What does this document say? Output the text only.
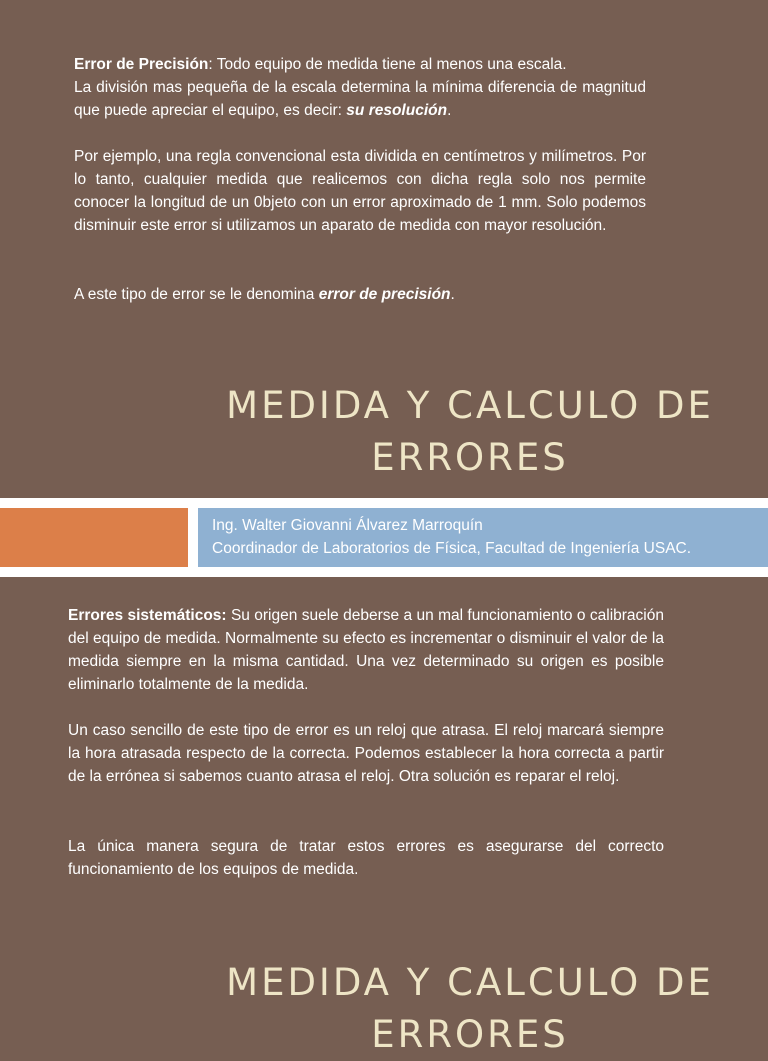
Error de Precisión: Todo equipo de medida tiene al menos una escala.
La división mas pequeña de la escala determina la mínima diferencia de magnitud que puede apreciar el equipo, es decir: su resolución.

Por ejemplo, una regla convencional esta dividida en centímetros y milímetros. Por lo tanto, cualquier medida que realicemos con dicha regla solo nos permite conocer la longitud de un 0bjeto con un error aproximado de 1 mm. Solo podemos disminuir este error si utilizamos un aparato de medida con mayor resolución.

A este tipo de error se le denomina error de precisión.

MEDIDA Y CALCULO DE
ERRORES
Ing. Walter Giovanni Álvarez Marroquín
Coordinador de Laboratorios de Física, Facultad de Ingeniería USAC.

Errores sistemáticos: Su origen suele deberse a un mal funcionamiento o calibración del equipo de medida. Normalmente su efecto es incrementar o disminuir el valor de la medida siempre en la misma cantidad. Una vez determinado su origen es posible eliminarlo totalmente de la medida.

Un caso sencillo de este tipo de error es un reloj que atrasa. El reloj marcará siempre la hora atrasada respecto de la correcta. Podemos establecer la hora correcta a partir de la errónea si sabemos cuanto atrasa el reloj. Otra solución es reparar el reloj.

La única manera segura de tratar estos errores es asegurarse del correcto funcionamiento de los equipos de medida.

MEDIDA Y CALCULO DE
ERRORES
